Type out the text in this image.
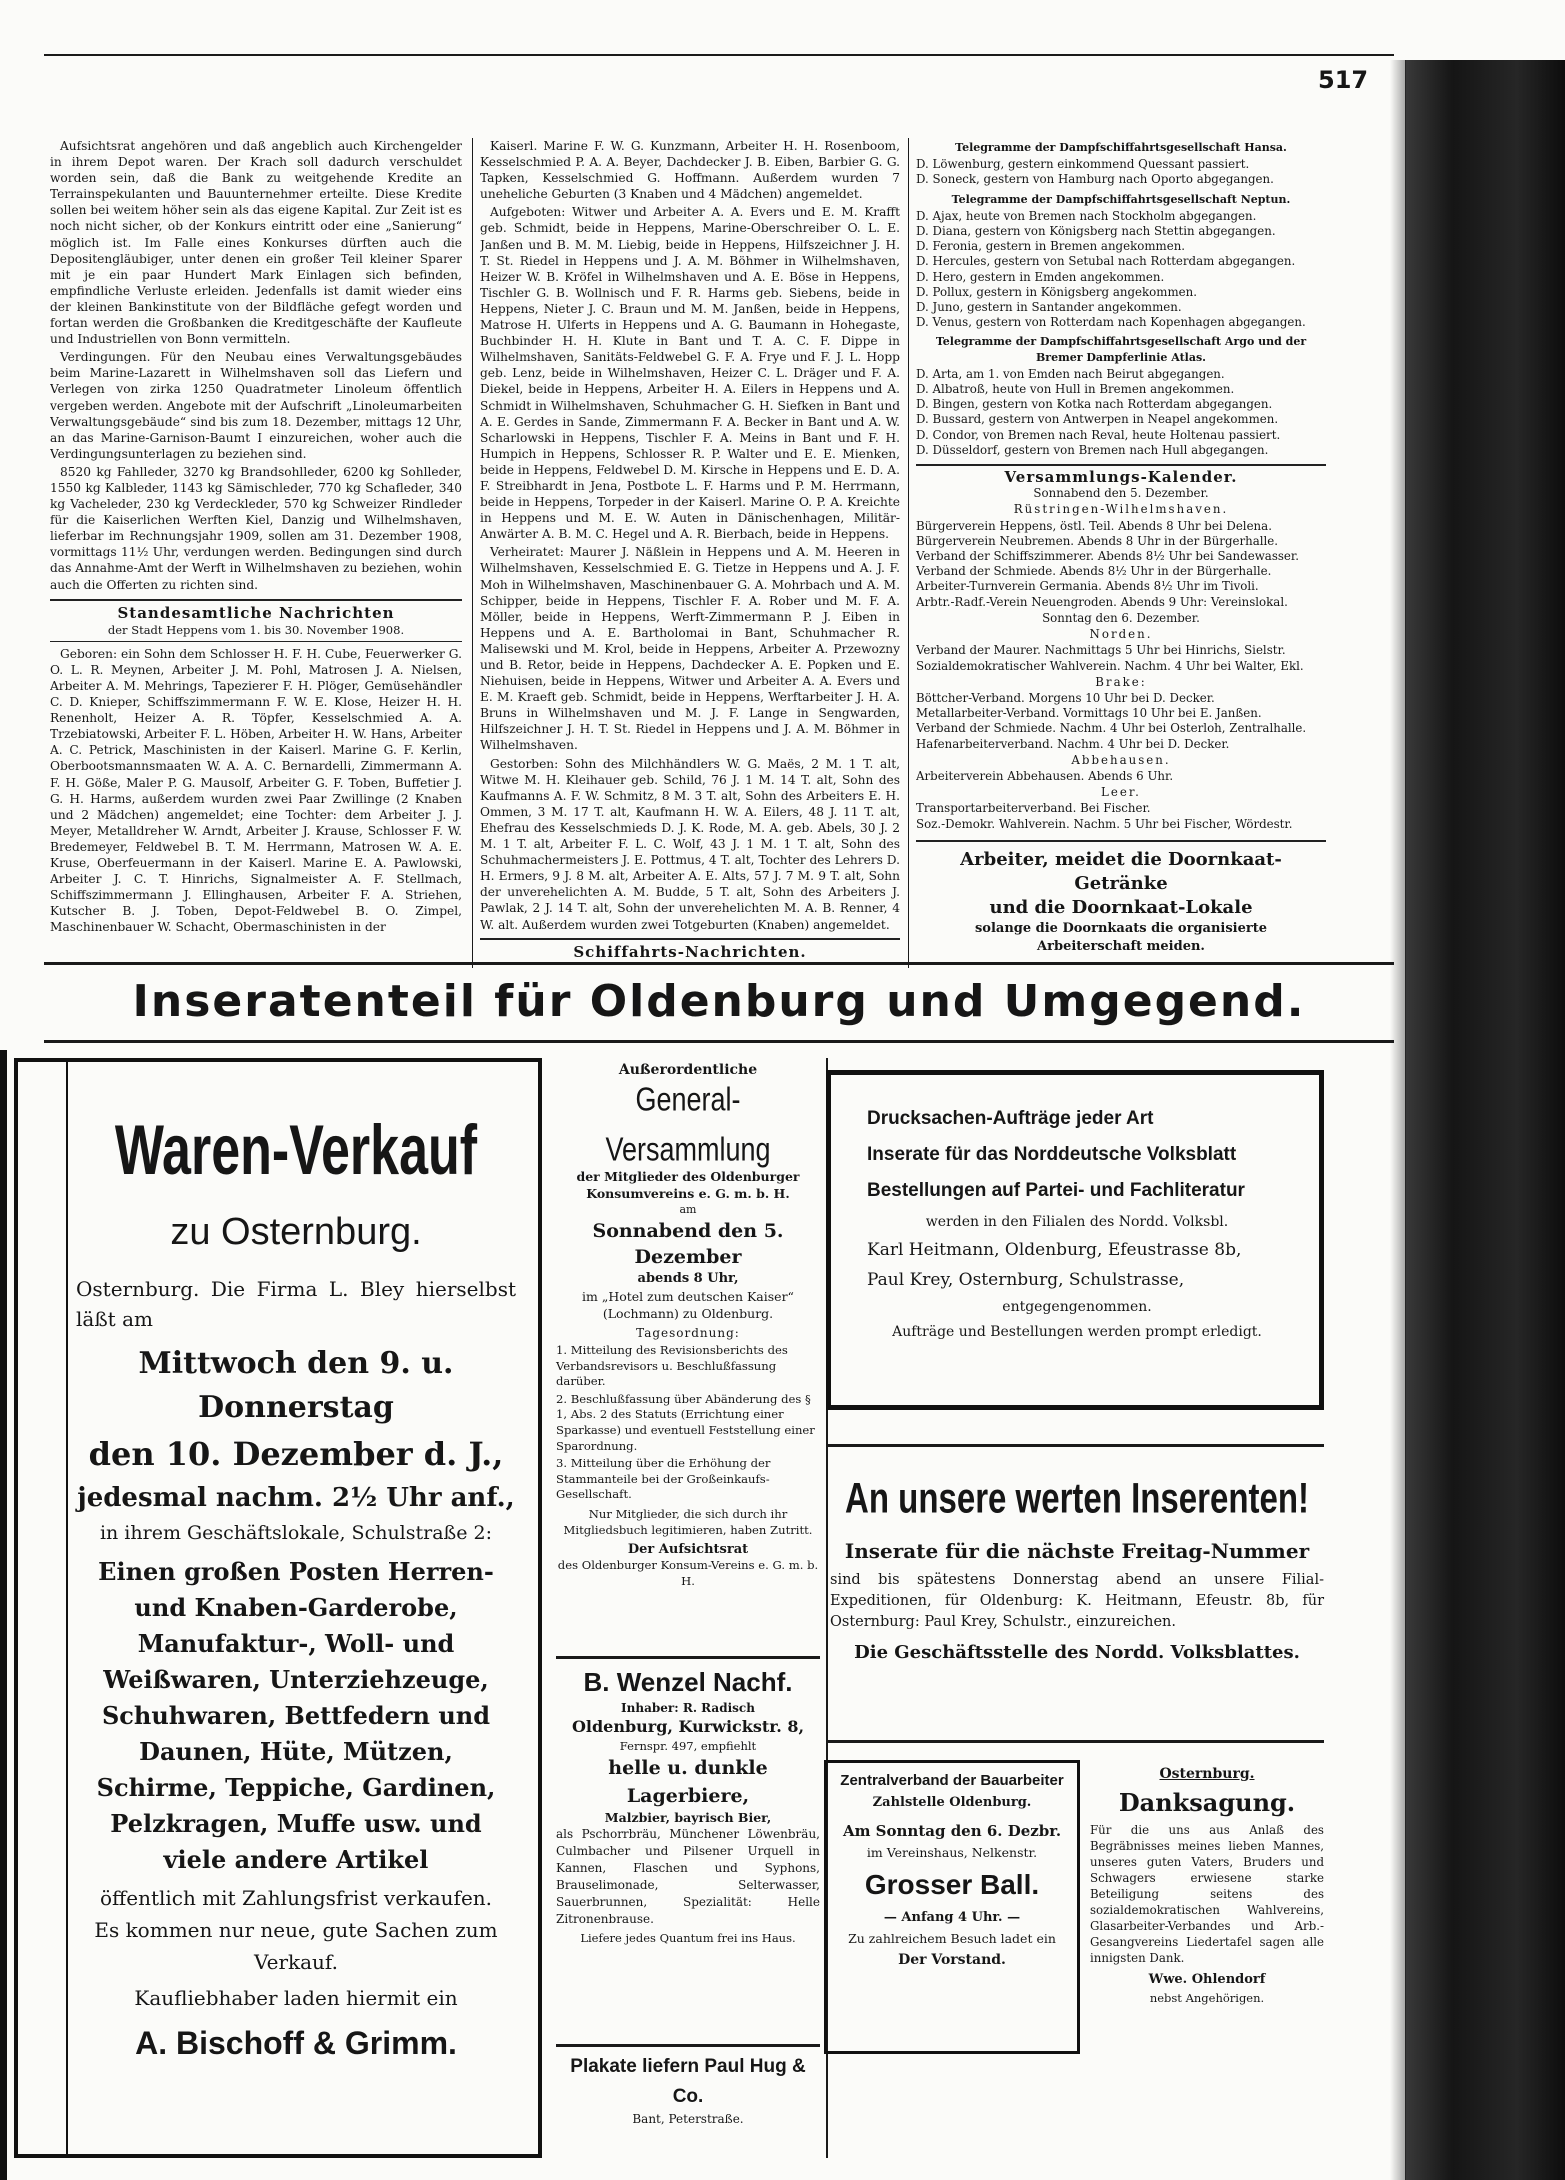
517

Aufsichtsrat angehören und daß angeblich auch Kirchengelder in ihrem Depot waren. Der Krach soll dadurch verschuldet worden sein, daß die Bank zu weitgehende Kredite an Terrainspekulanten und Bauunternehmer erteilte. Diese Kredite sollen bei weitem höher sein als das eigene Kapital. Zur Zeit ist es noch nicht sicher, ob der Konkurs eintritt oder eine „Sanierung“ möglich ist. Im Falle eines Konkurses dürften auch die Depositengläubiger, unter denen ein großer Teil kleiner Sparer mit je ein paar Hundert Mark Einlagen sich befinden, empfindliche Verluste erleiden. Jedenfalls ist damit wieder eins der kleinen Bankinstitute von der Bildfläche gefegt worden und fortan werden die Großbanken die Kreditgeschäfte der Kaufleute und Industriellen von Bonn vermitteln.

Verdingungen. Für den Neubau eines Verwaltungsgebäudes beim Marine-Lazarett in Wilhelmshaven soll das Liefern und Verlegen von zirka 1250 Quadratmeter Linoleum öffentlich vergeben werden. Angebote mit der Aufschrift „Linoleumarbeiten Verwaltungsgebäude“ sind bis zum 18. Dezember, mittags 12 Uhr, an das Marine-Garnison-Baumt I einzureichen, woher auch die Verdingungsunterlagen zu beziehen sind.

8520 kg Fahlleder, 3270 kg Brandsohlleder, 6200 kg Sohlleder, 1550 kg Kalbleder, 1143 kg Sämischleder, 770 kg Schafleder, 340 kg Vacheleder, 230 kg Verdeckleder, 570 kg Schweizer Rindleder für die Kaiserlichen Werften Kiel, Danzig und Wilhelmshaven, lieferbar im Rechnungsjahr 1909, sollen am 31. Dezember 1908, vormittags 11½ Uhr, verdungen werden. Bedingungen sind durch das Annahme-Amt der Werft in Wilhelmshaven zu beziehen, wohin auch die Offerten zu richten sind.

Standesamtliche Nachrichten

der Stadt Heppens vom 1. bis 30. November 1908.

Geboren: ein Sohn dem Schlosser H. F. H. Cube, Feuerwerker G. O. L. R. Meynen, Arbeiter J. M. Pohl, Matrosen J. A. Nielsen, Arbeiter A. M. Mehrings, Tapezierer F. H. Plöger, Gemüsehändler C. D. Knieper, Schiffszimmermann F. W. E. Klose, Heizer H. H. Renenholt, Heizer A. R. Töpfer, Kesselschmied A. A. Trzebiatowski, Arbeiter F. L. Höben, Arbeiter H. W. Hans, Arbeiter A. C. Petrick, Maschinisten in der Kaiserl. Marine G. F. Kerlin, Oberbootsmannsmaaten W. A. A. C. Bernardelli, Zimmermann A. F. H. Göße, Maler P. G. Mausolf, Arbeiter G. F. Toben, Buffetier J. G. H. Harms, außerdem wurden zwei Paar Zwillinge (2 Knaben und 2 Mädchen) angemeldet; eine Tochter: dem Arbeiter J. J. Meyer, Metalldreher W. Arndt, Arbeiter J. Krause, Schlosser F. W. Bredemeyer, Feldwebel B. T. M. Herrmann, Matrosen W. A. E. Kruse, Oberfeuermann in der Kaiserl. Marine E. A. Pawlowski, Arbeiter J. C. T. Hinrichs, Signalmeister A. F. Stellmach, Schiffszimmermann J. Ellinghausen, Arbeiter F. A. Striehen, Kutscher B. J. Toben, Depot-Feldwebel B. O. Zimpel, Maschinenbauer W. Schacht, Obermaschinisten in der

Kaiserl. Marine F. W. G. Kunzmann, Arbeiter H. H. Rosenboom, Kesselschmied P. A. A. Beyer, Dachdecker J. B. Eiben, Barbier G. G. Tapken, Kesselschmied G. Hoffmann. Außerdem wurden 7 uneheliche Geburten (3 Knaben und 4 Mädchen) angemeldet.

Aufgeboten: Witwer und Arbeiter A. A. Evers und E. M. Krafft geb. Schmidt, beide in Heppens, Marine-Oberschreiber O. L. E. Janßen und B. M. M. Liebig, beide in Heppens, Hilfszeichner J. H. T. St. Riedel in Heppens und J. A. M. Böhmer in Wilhelmshaven, Heizer W. B. Kröfel in Wilhelmshaven und A. E. Böse in Heppens, Tischler G. B. Wollnisch und F. R. Harms geb. Siebens, beide in Heppens, Nieter J. C. Braun und M. M. Janßen, beide in Heppens, Matrose H. Ulferts in Heppens und A. G. Baumann in Hohegaste, Buchbinder H. H. Klute in Bant und T. A. C. F. Dippe in Wilhelmshaven, Sanitäts-Feldwebel G. F. A. Frye und F. J. L. Hopp geb. Lenz, beide in Wilhelmshaven, Heizer C. L. Dräger und F. A. Diekel, beide in Heppens, Arbeiter H. A. Eilers in Heppens und A. Schmidt in Wilhelmshaven, Schuhmacher G. H. Siefken in Bant und A. E. Gerdes in Sande, Zimmermann F. A. Becker in Bant und A. W. Scharlowski in Heppens, Tischler F. A. Meins in Bant und F. H. Humpich in Heppens, Schlosser R. P. Walter und E. E. Mienken, beide in Heppens, Feldwebel D. M. Kirsche in Heppens und E. D. A. F. Streibhardt in Jena, Postbote L. F. Harms und P. M. Herrmann, beide in Heppens, Torpeder in der Kaiserl. Marine O. P. A. Kreichte in Heppens und M. E. W. Auten in Dänischenhagen, Militär-Anwärter A. B. M. C. Hegel und A. R. Bierbach, beide in Heppens.

Verheiratet: Maurer J. Näßlein in Heppens und A. M. Heeren in Wilhelmshaven, Kesselschmied E. G. Tietze in Heppens und A. J. F. Moh in Wilhelmshaven, Maschinenbauer G. A. Mohrbach und A. M. Schipper, beide in Heppens, Tischler F. A. Rober und M. F. A. Möller, beide in Heppens, Werft-Zimmermann P. J. Eiben in Heppens und A. E. Bartholomai in Bant, Schuhmacher R. Malisewski und M. Krol, beide in Heppens, Arbeiter A. Przewozny und B. Retor, beide in Heppens, Dachdecker A. E. Popken und E. Niehuisen, beide in Heppens, Witwer und Arbeiter A. A. Evers und E. M. Kraeft geb. Schmidt, beide in Heppens, Werftarbeiter J. H. A. Bruns in Wilhelmshaven und M. J. F. Lange in Sengwarden, Hilfszeichner J. H. T. St. Riedel in Heppens und J. A. M. Böhmer in Wilhelmshaven.

Gestorben: Sohn des Milchhändlers W. G. Maës, 2 M. 1 T. alt, Witwe M. H. Kleihauer geb. Schild, 76 J. 1 M. 14 T. alt, Sohn des Kaufmanns A. F. W. Schmitz, 8 M. 3 T. alt, Sohn des Arbeiters E. H. Ommen, 3 M. 17 T. alt, Kaufmann H. W. A. Eilers, 48 J. 11 T. alt, Ehefrau des Kesselschmieds D. J. K. Rode, M. A. geb. Abels, 30 J. 2 M. 1 T. alt, Arbeiter F. L. C. Wolf, 43 J. 1 M. 1 T. alt, Sohn des Schuhmachermeisters J. E. Pottmus, 4 T. alt, Tochter des Lehrers D. H. Ermers, 9 J. 8 M. alt, Arbeiter A. E. Alts, 57 J. 7 M. 9 T. alt, Sohn der unverehelichten A. M. Budde, 5 T. alt, Sohn des Arbeiters J. Pawlak, 2 J. 14 T. alt, Sohn der unverehelichten M. A. B. Renner, 4 W. alt. Außerdem wurden zwei Totgeburten (Knaben) angemeldet.

Schiffahrts-Nachrichten.

Telegramme der Dampfschiffahrtsgesellschaft Hansa.

D. Löwenburg, gestern einkommend Quessant passiert.

D. Soneck, gestern von Hamburg nach Oporto abgegangen.

Telegramme der Dampfschiffahrtsgesellschaft Neptun.

D. Ajax, heute von Bremen nach Stockholm abgegangen.

D. Diana, gestern von Königsberg nach Stettin abgegangen.

D. Feronia, gestern in Bremen angekommen.

D. Hercules, gestern von Setubal nach Rotterdam abgegangen.

D. Hero, gestern in Emden angekommen.

D. Pollux, gestern in Königsberg angekommen.

D. Juno, gestern in Santander angekommen.

D. Venus, gestern von Rotterdam nach Kopenhagen abgegangen.

Telegramme der Dampfschiffahrtsgesellschaft Argo und der Bremer Dampferlinie Atlas.

D. Arta, am 1. von Emden nach Beirut abgegangen.

D. Albatroß, heute von Hull in Bremen angekommen.

D. Bingen, gestern von Kotka nach Rotterdam abgegangen.

D. Bussard, gestern von Antwerpen in Neapel angekommen.

D. Condor, von Bremen nach Reval, heute Holtenau passiert.

D. Düsseldorf, gestern von Bremen nach Hull abgegangen.

Versammlungs-Kalender.

Sonnabend den 5. Dezember.

Rüstringen-Wilhelmshaven.

Bürgerverein Heppens, östl. Teil. Abends 8 Uhr bei Delena.

Bürgerverein Neubremen. Abends 8 Uhr in der Bürgerhalle.

Verband der Schiffszimmerer. Abends 8½ Uhr bei Sandewasser.

Verband der Schmiede. Abends 8½ Uhr in der Bürgerhalle.

Arbeiter-Turnverein Germania. Abends 8½ Uhr im Tivoli.

Arbtr.-Radf.-Verein Neuengroden. Abends 9 Uhr: Vereinslokal.

Sonntag den 6. Dezember.

Norden.

Verband der Maurer. Nachmittags 5 Uhr bei Hinrichs, Sielstr.

Sozialdemokratischer Wahlverein. Nachm. 4 Uhr bei Walter, Ekl.

Brake:

Böttcher-Verband. Morgens 10 Uhr bei D. Decker.

Metallarbeiter-Verband. Vormittags 10 Uhr bei E. Janßen.

Verband der Schmiede. Nachm. 4 Uhr bei Osterloh, Zentralhalle.

Hafenarbeiterverband. Nachm. 4 Uhr bei D. Decker.

Abbehausen.

Arbeiterverein Abbehausen. Abends 6 Uhr.

Leer.

Transportarbeiterverband. Bei Fischer.

Soz.-Demokr. Wahlverein. Nachm. 5 Uhr bei Fischer, Wördestr.

Arbeiter, meidet die Doornkaat-Getränke
und die Doornkaat-Lokale
solange die Doornkaats die organisierte
Arbeiterschaft meiden.
Inseratenteil für Oldenburg und Umgegend.
Waren-Verkauf
zu Osternburg.
Osternburg. Die Firma L. Bley hierselbst läßt am
Mittwoch den 9. u. Donnerstag
den 10. Dezember d. J.,
jedesmal nachm. 2½ Uhr anf.,
in ihrem Geschäftslokale, Schulstraße 2:
Einen großen Posten Herren- und Knaben-Garderobe, Manufaktur-, Woll- und Weißwaren, Unterziehzeuge, Schuhwaren, Bettfedern und Daunen, Hüte, Mützen, Schirme, Teppiche, Gardinen, Pelzkragen, Muffe usw. und viele andere Artikel
öffentlich mit Zahlungsfrist verkaufen.
Es kommen nur neue, gute Sachen zum Verkauf.
Kaufliebhaber laden hiermit ein
A. Bischoff & Grimm.
Außerordentliche
General-Versammlung
der Mitglieder des Oldenburger Konsumvereins e. G. m. b. H.
am
Sonnabend den 5. Dezember
abends 8 Uhr,
im „Hotel zum deutschen Kaiser“ (Lochmann) zu Oldenburg.
Tagesordnung:
1. Mitteilung des Revisionsberichts des Verbandsrevisors u. Beschlußfassung darüber.
2. Beschlußfassung über Abänderung des § 1, Abs. 2 des Statuts (Errichtung einer Sparkasse) und eventuell Feststellung einer Sparordnung.
3. Mitteilung über die Erhöhung der Stammanteile bei der Großeinkaufs-Gesellschaft.
Nur Mitglieder, die sich durch ihr Mitgliedsbuch legitimieren, haben Zutritt.
Der Aufsichtsrat
des Oldenburger Konsum-Vereins e. G. m. b. H.
B. Wenzel Nachf.
Inhaber: R. Radisch
Oldenburg, Kurwickstr. 8,
Fernspr. 497, empfiehlt
helle u. dunkle Lagerbiere,
Malzbier, bayrisch Bier,
als Pschorrbräu, Münchener Löwenbräu, Culmbacher und Pilsener Urquell in Kannen, Flaschen und Syphons, Brauselimonade, Selterwasser, Sauerbrunnen, Spezialität: Helle Zitronenbrause.
Liefere jedes Quantum frei ins Haus.
Plakate liefern Paul Hug & Co.
Bant, Peterstraße.
Drucksachen-Aufträge jeder Art
Inserate für das Norddeutsche Volksblatt
Bestellungen auf Partei- und Fachliteratur
werden in den Filialen des Nordd. Volksbl.
Karl Heitmann, Oldenburg, Efeustrasse 8b,
Paul Krey, Osternburg, Schulstrasse,
entgegengenommen.
Aufträge und Bestellungen werden prompt erledigt.
An unsere werten Inserenten!
Inserate für die nächste Freitag-Nummer
sind bis spätestens Donnerstag abend an unsere Filial-Expeditionen, für Oldenburg: K. Heitmann, Efeustr. 8b, für Osternburg: Paul Krey, Schulstr., einzureichen.
Die Geschäftsstelle des Nordd. Volksblattes.
Zentralverband der Bauarbeiter
Zahlstelle Oldenburg.
Am Sonntag den 6. Dezbr.
im Vereinshaus, Nelkenstr.
Grosser Ball.
— Anfang 4 Uhr. —
Zu zahlreichem Besuch ladet ein
Der Vorstand.
Osternburg.
Danksagung.
Für die uns aus Anlaß des Begräbnisses meines lieben Mannes, unseres guten Vaters, Bruders und Schwagers erwiesene starke Beteiligung seitens des sozialdemokratischen Wahlvereins, Glasarbeiter-Verbandes und Arb.-Gesangvereins Liedertafel sagen alle innigsten Dank.
Wwe. Ohlendorf
nebst Angehörigen.
